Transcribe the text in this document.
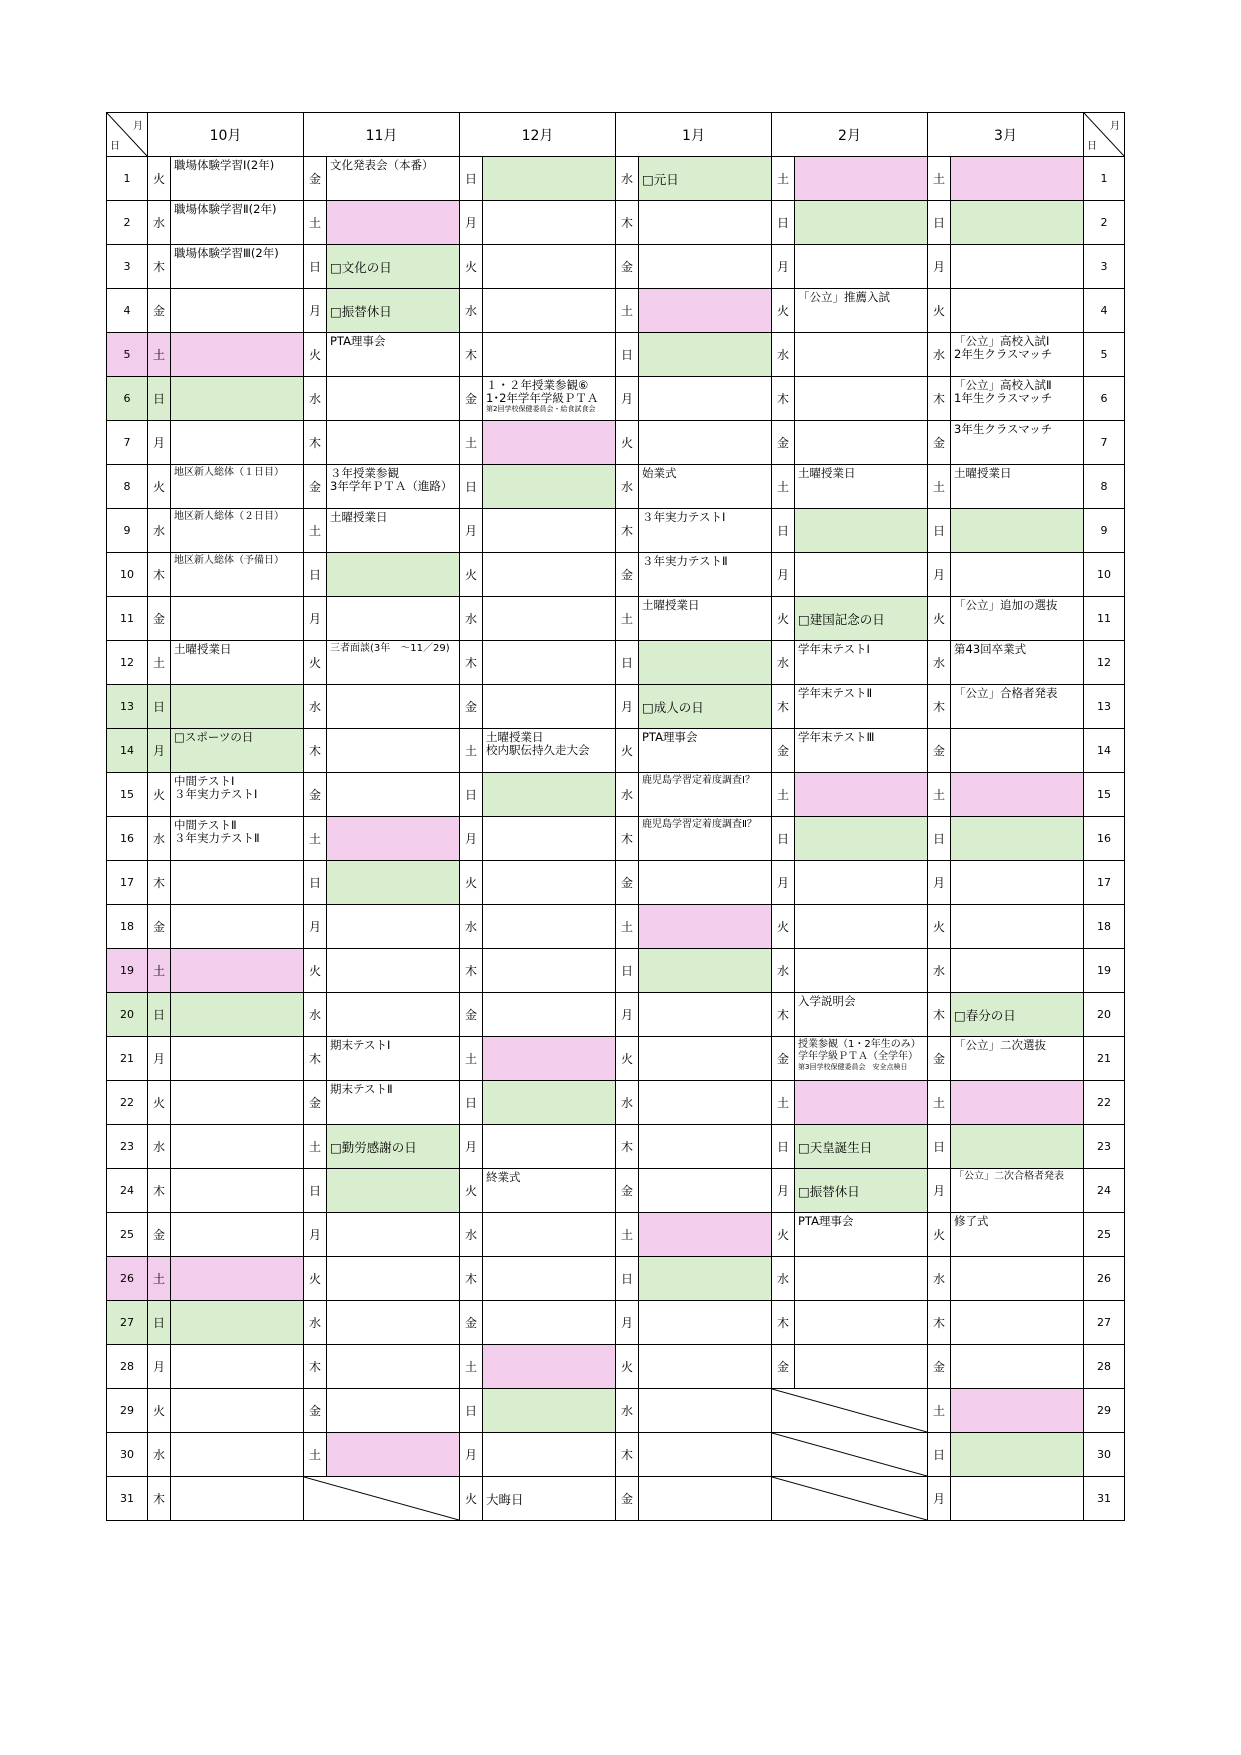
月
日	10月		11月		12月		1月		2月		3月		月
日

1	火	職場体験学習Ⅰ(2年)	金	文化発表会（本番）	日		水	□元日	土		土		1
2	水	職場体験学習Ⅱ(2年)	土		月		木		日		日		2
3	木	職場体験学習Ⅲ(2年)	日	□文化の日	火		金		月		月		3
4	金		月	□振替休日	水		土		火	「公立」推薦入試	火		4
5	土		火	PTA理事会	木		日		水		水	「公立」高校入試Ⅰ
2年生クラスマッチ	5
6	日		水		金	１・２年授業参観⑥
1･2年学年学級ＰＴＡ
第2回学校保健委員会・給食試食会	月		木		木	「公立」高校入試Ⅱ
1年生クラスマッチ	6
7	月		木		土		火		金		金	3年生クラスマッチ	7
8	火	地区新人総体（１日目）	金	３年授業参観
3年学年ＰＴＡ（進路）	日		水	始業式	土	土曜授業日	土	土曜授業日	8
9	水	地区新人総体（２日目）	土	土曜授業日	月		木	３年実力テストⅠ	日		日		9
10	木	地区新人総体（予備日）	日		火		金	３年実力テストⅡ	月		月		10
11	金		月		水		土	土曜授業日	火	□建国記念の日	火	「公立」追加の選抜	11
12	土	土曜授業日	火	三者面談(3年　～11／29)	木		日		水	学年末テストⅠ	水	第43回卒業式	12
13	日		水		金		月	□成人の日	木	学年末テストⅡ	木	「公立」合格者発表	13
14	月	□スポーツの日	木		土	土曜授業日
校内駅伝持久走大会	火	PTA理事会	金	学年末テストⅢ	金		14
15	火	中間テストⅠ
３年実力テストⅠ	金		日		水	鹿児島学習定着度調査Ⅰ？	土		土		15
16	水	中間テストⅡ
３年実力テストⅡ	土		月		木	鹿児島学習定着度調査Ⅱ？	日		日		16
17	木		日		火		金		月		月		17
18	金		月		水		土		火		火		18
19	土		火		木		日		水		水		19
20	日		水		金		月		木	入学説明会	木	□春分の日	20
21	月		木	期末テストⅠ	土		火		金	授業参観（1・2年生のみ）
学年学級ＰＴＡ（全学年）
第3回学校保健委員会　安全点検日	金	「公立」二次選抜	21
22	火		金	期末テストⅡ	日		水		土		土		22
23	水		土	□勤労感謝の日	月		木		日	□天皇誕生日	日		23
24	木		日		火	終業式	金		月	□振替休日	月	「公立」二次合格者発表	24
25	金		月		水		土		火	PTA理事会	火	修了式	25
26	土		火		木		日		水		水		26
27	日		水		金		月		木		木		27
28	月		木		土		火		金		金		28
29	火		金		日		水				土		29
30	水		土		月		木				日		30
31	木				火	大晦日	金				月		31
